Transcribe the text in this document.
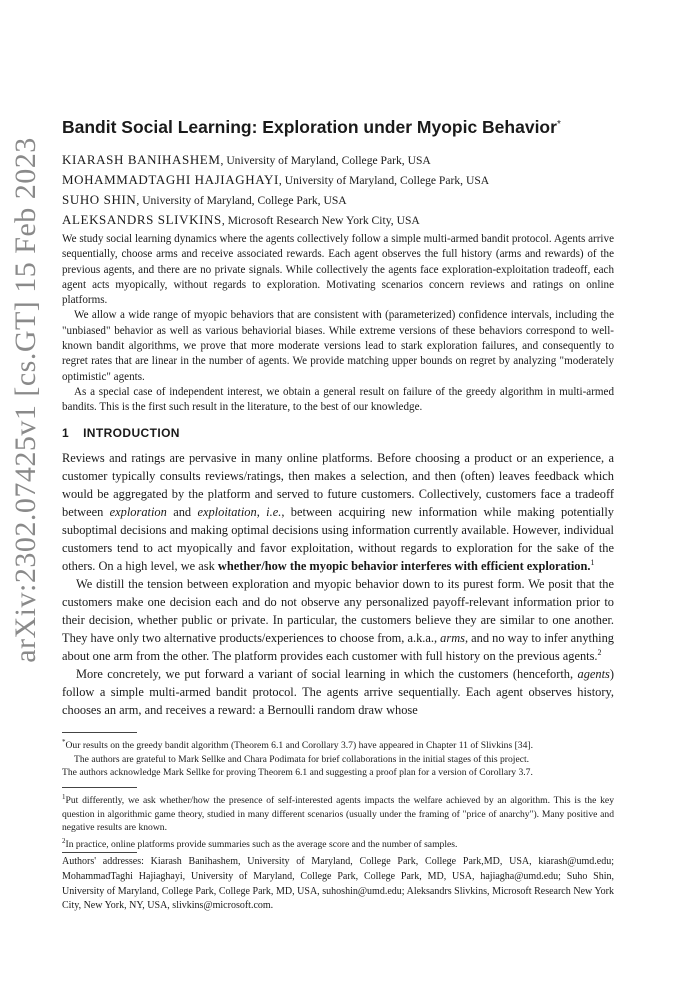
arXiv:2302.07425v1 [cs.GT] 15 Feb 2023
Bandit Social Learning: Exploration under Myopic Behavior*
KIARASH BANIHASHEM, University of Maryland, College Park, USA
MOHAMMADTAGHI HAJIAGHAYI, University of Maryland, College Park, USA
SUHO SHIN, University of Maryland, College Park, USA
ALEKSANDRS SLIVKINS, Microsoft Research New York City, USA

We study social learning dynamics where the agents collectively follow a simple multi-armed bandit protocol. Agents arrive sequentially, choose arms and receive associated rewards. Each agent observes the full history (arms and rewards) of the previous agents, and there are no private signals. While collectively the agents face exploration-exploitation tradeoff, each agent acts myopically, without regards to exploration. Motivating scenarios concern reviews and ratings on online platforms.

We allow a wide range of myopic behaviors that are consistent with (parameterized) confidence intervals, including the "unbiased" behavior as well as various behaviorial biases. While extreme versions of these behaviors correspond to well-known bandit algorithms, we prove that more moderate versions lead to stark exploration failures, and consequently to regret rates that are linear in the number of agents. We provide matching upper bounds on regret by analyzing "moderately optimistic" agents.

As a special case of independent interest, we obtain a general result on failure of the greedy algorithm in multi-armed bandits. This is the first such result in the literature, to the best of our knowledge.

1 INTRODUCTION

Reviews and ratings are pervasive in many online platforms. Before choosing a product or an experience, a customer typically consults reviews/ratings, then makes a selection, and then (often) leaves feedback which would be aggregated by the platform and served to future customers. Collectively, customers face a tradeoff between exploration and exploitation, i.e., between acquiring new information while making potentially suboptimal decisions and making optimal decisions using information currently available. However, individual customers tend to act myopically and favor exploitation, without regards to exploration for the sake of the others. On a high level, we ask whether/how the myopic behavior interferes with efficient exploration.$^1$

We distill the tension between exploration and myopic behavior down to its purest form. We posit that the customers make one decision each and do not observe any personalized payoff-relevant information prior to their decision, whether public or private. In particular, the customers believe they are similar to one another. They have only two alternative products/experiences to choose from, a.k.a., arms, and no way to infer anything about one arm from the other. The platform provides each customer with full history on the previous agents.$^2$

More concretely, we put forward a variant of social learning in which the customers (henceforth, agents) follow a simple multi-armed bandit protocol. The agents arrive sequentially. Each agent observes history, chooses an arm, and receives a reward: a Bernoulli random draw whose

*Our results on the greedy bandit algorithm (Theorem 6.1 and Corollary 3.7) have appeared in Chapter 11 of Slivkins [34].

The authors are grateful to Mark Sellke and Chara Podimata for brief collaborations in the initial stages of this project.

The authors acknowledge Mark Sellke for proving Theorem 6.1 and suggesting a proof plan for a version of Corollary 3.7.

$^1$Put differently, we ask whether/how the presence of self-interested agents impacts the welfare achieved by an algorithm. This is the key question in algorithmic game theory, studied in many different scenarios (usually under the framing of "price of anarchy"). Many positive and negative results are known.

$^2$In practice, online platforms provide summaries such as the average score and the number of samples.

Authors' addresses: Kiarash Banihashem, University of Maryland, College Park, College Park,MD, USA, kiarash@umd.edu; MohammadTaghi Hajiaghayi, University of Maryland, College Park, College Park, MD, USA, hajiagha@umd.edu; Suho Shin, University of Maryland, College Park, College Park, MD, USA, suhoshin@umd.edu; Aleksandrs Slivkins, Microsoft Research New York City, New York, NY, USA, slivkins@microsoft.com.
